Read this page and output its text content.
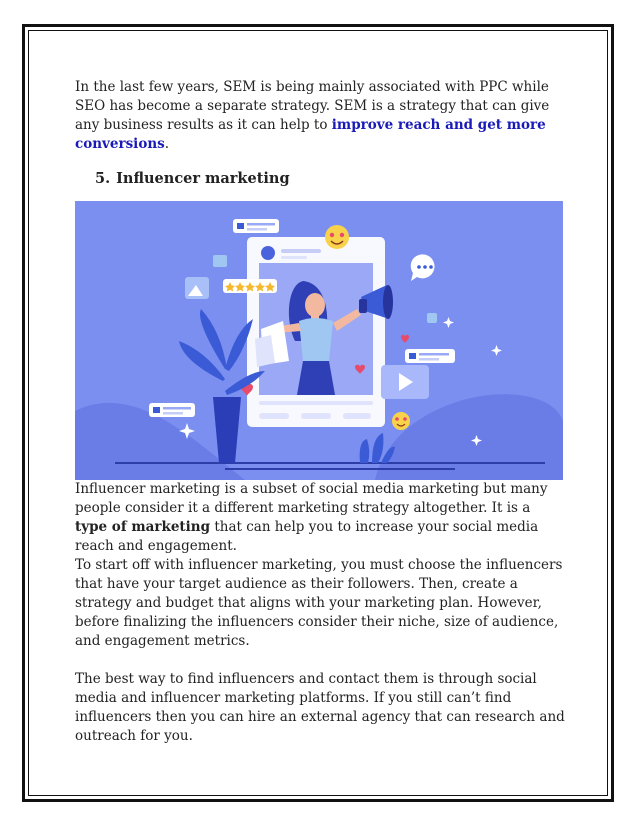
In the last few years, SEM is being mainly associated with PPC while SEO has become a separate strategy. SEM is a strategy that can give any business results as it can help to improve reach and get more conversions.

5. Influencer marketing

Influencer marketing is a subset of social media marketing but many people consider it a different marketing strategy altogether. It is a type of marketing that can help you to increase your social media reach and engagement.

To start off with influencer marketing, you must choose the influencers that have your target audience as their followers. Then, create a strategy and budget that aligns with your marketing plan. However, before finalizing the influencers consider their niche, size of audience, and engagement metrics.

The best way to find influencers and contact them is through social media and influencer marketing platforms. If you still can’t find influencers then you can hire an external agency that can research and outreach for you.
